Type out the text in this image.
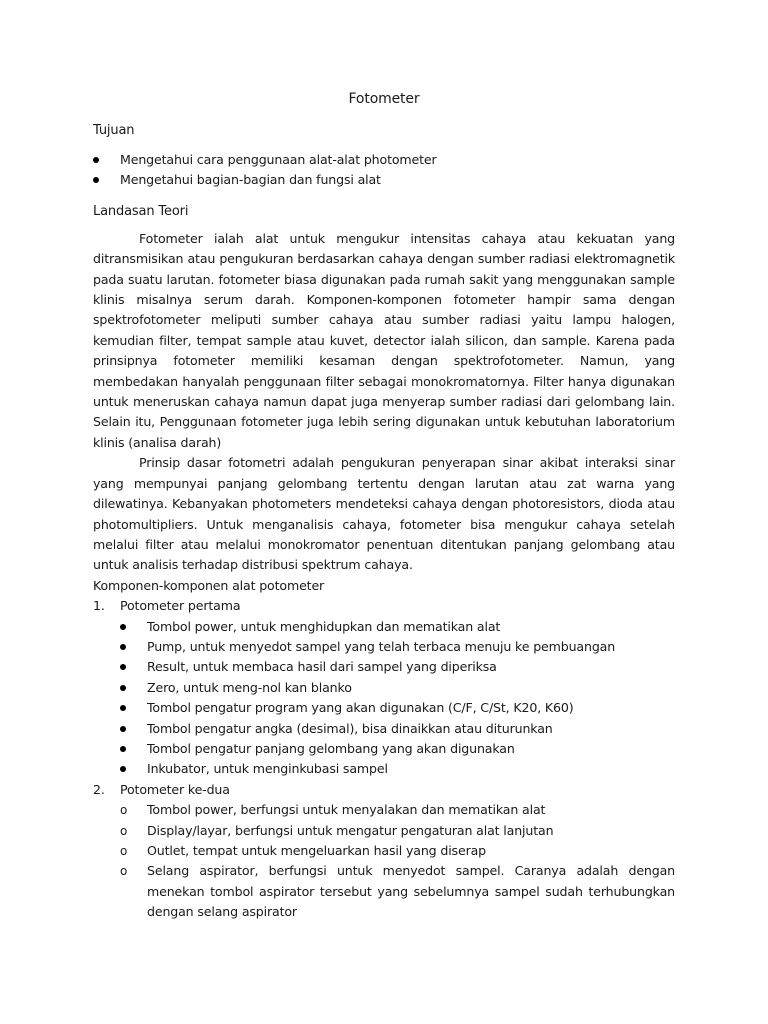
Fotometer
Tujuan
Mengetahui cara penggunaan alat-alat photometer
Mengetahui bagian-bagian dan fungsi alat
Landasan Teori

Fotometer ialah alat untuk mengukur intensitas cahaya atau kekuatan yang ditransmisikan atau pengukuran berdasarkan cahaya dengan sumber radiasi elektromagnetik pada suatu larutan. fotometer biasa digunakan pada rumah sakit yang menggunakan sample klinis misalnya serum darah. Komponen-komponen fotometer hampir sama dengan spektrofotometer meliputi sumber cahaya atau sumber radiasi yaitu lampu halogen, kemudian filter, tempat sample atau kuvet, detector ialah silicon, dan sample. Karena pada prinsipnya fotometer memiliki kesaman dengan spektrofotometer. Namun, yang membedakan hanyalah penggunaan filter sebagai monokromatornya. Filter hanya digunakan untuk meneruskan cahaya namun dapat juga menyerap sumber radiasi dari gelombang lain. Selain itu, Penggunaan fotometer juga lebih sering digunakan untuk kebutuhan laboratorium klinis (analisa darah)

Prinsip dasar fotometri adalah pengukuran penyerapan sinar akibat interaksi sinar yang mempunyai panjang gelombang tertentu dengan larutan atau zat warna yang dilewatinya. Kebanyakan photometers mendeteksi cahaya dengan photoresistors, dioda atau photomultipliers. Untuk menganalisis cahaya, fotometer bisa mengukur cahaya setelah melalui filter atau melalui monokromator penentuan ditentukan panjang gelombang atau untuk analisis terhadap distribusi spektrum cahaya.

Komponen-komponen alat potometer
1. Potometer pertama
Tombol power, untuk menghidupkan dan mematikan alat
Pump, untuk menyedot sampel yang telah terbaca menuju ke pembuangan
Result, untuk membaca hasil dari sampel yang diperiksa
Zero, untuk meng-nol kan blanko
Tombol pengatur program yang akan digunakan (C/F, C/St, K20, K60)
Tombol pengatur angka (desimal), bisa dinaikkan atau diturunkan
Tombol pengatur panjang gelombang yang akan digunakan
Inkubator, untuk menginkubasi sampel
2. Potometer ke-dua
o Tombol power, berfungsi untuk menyalakan dan mematikan alat
o Display/layar, berfungsi untuk mengatur pengaturan alat lanjutan
o Outlet, tempat untuk mengeluarkan hasil yang diserap
o Selang aspirator, berfungsi untuk menyedot sampel. Caranya adalah dengan menekan tombol aspirator tersebut yang sebelumnya sampel sudah terhubungkan dengan selang aspirator
